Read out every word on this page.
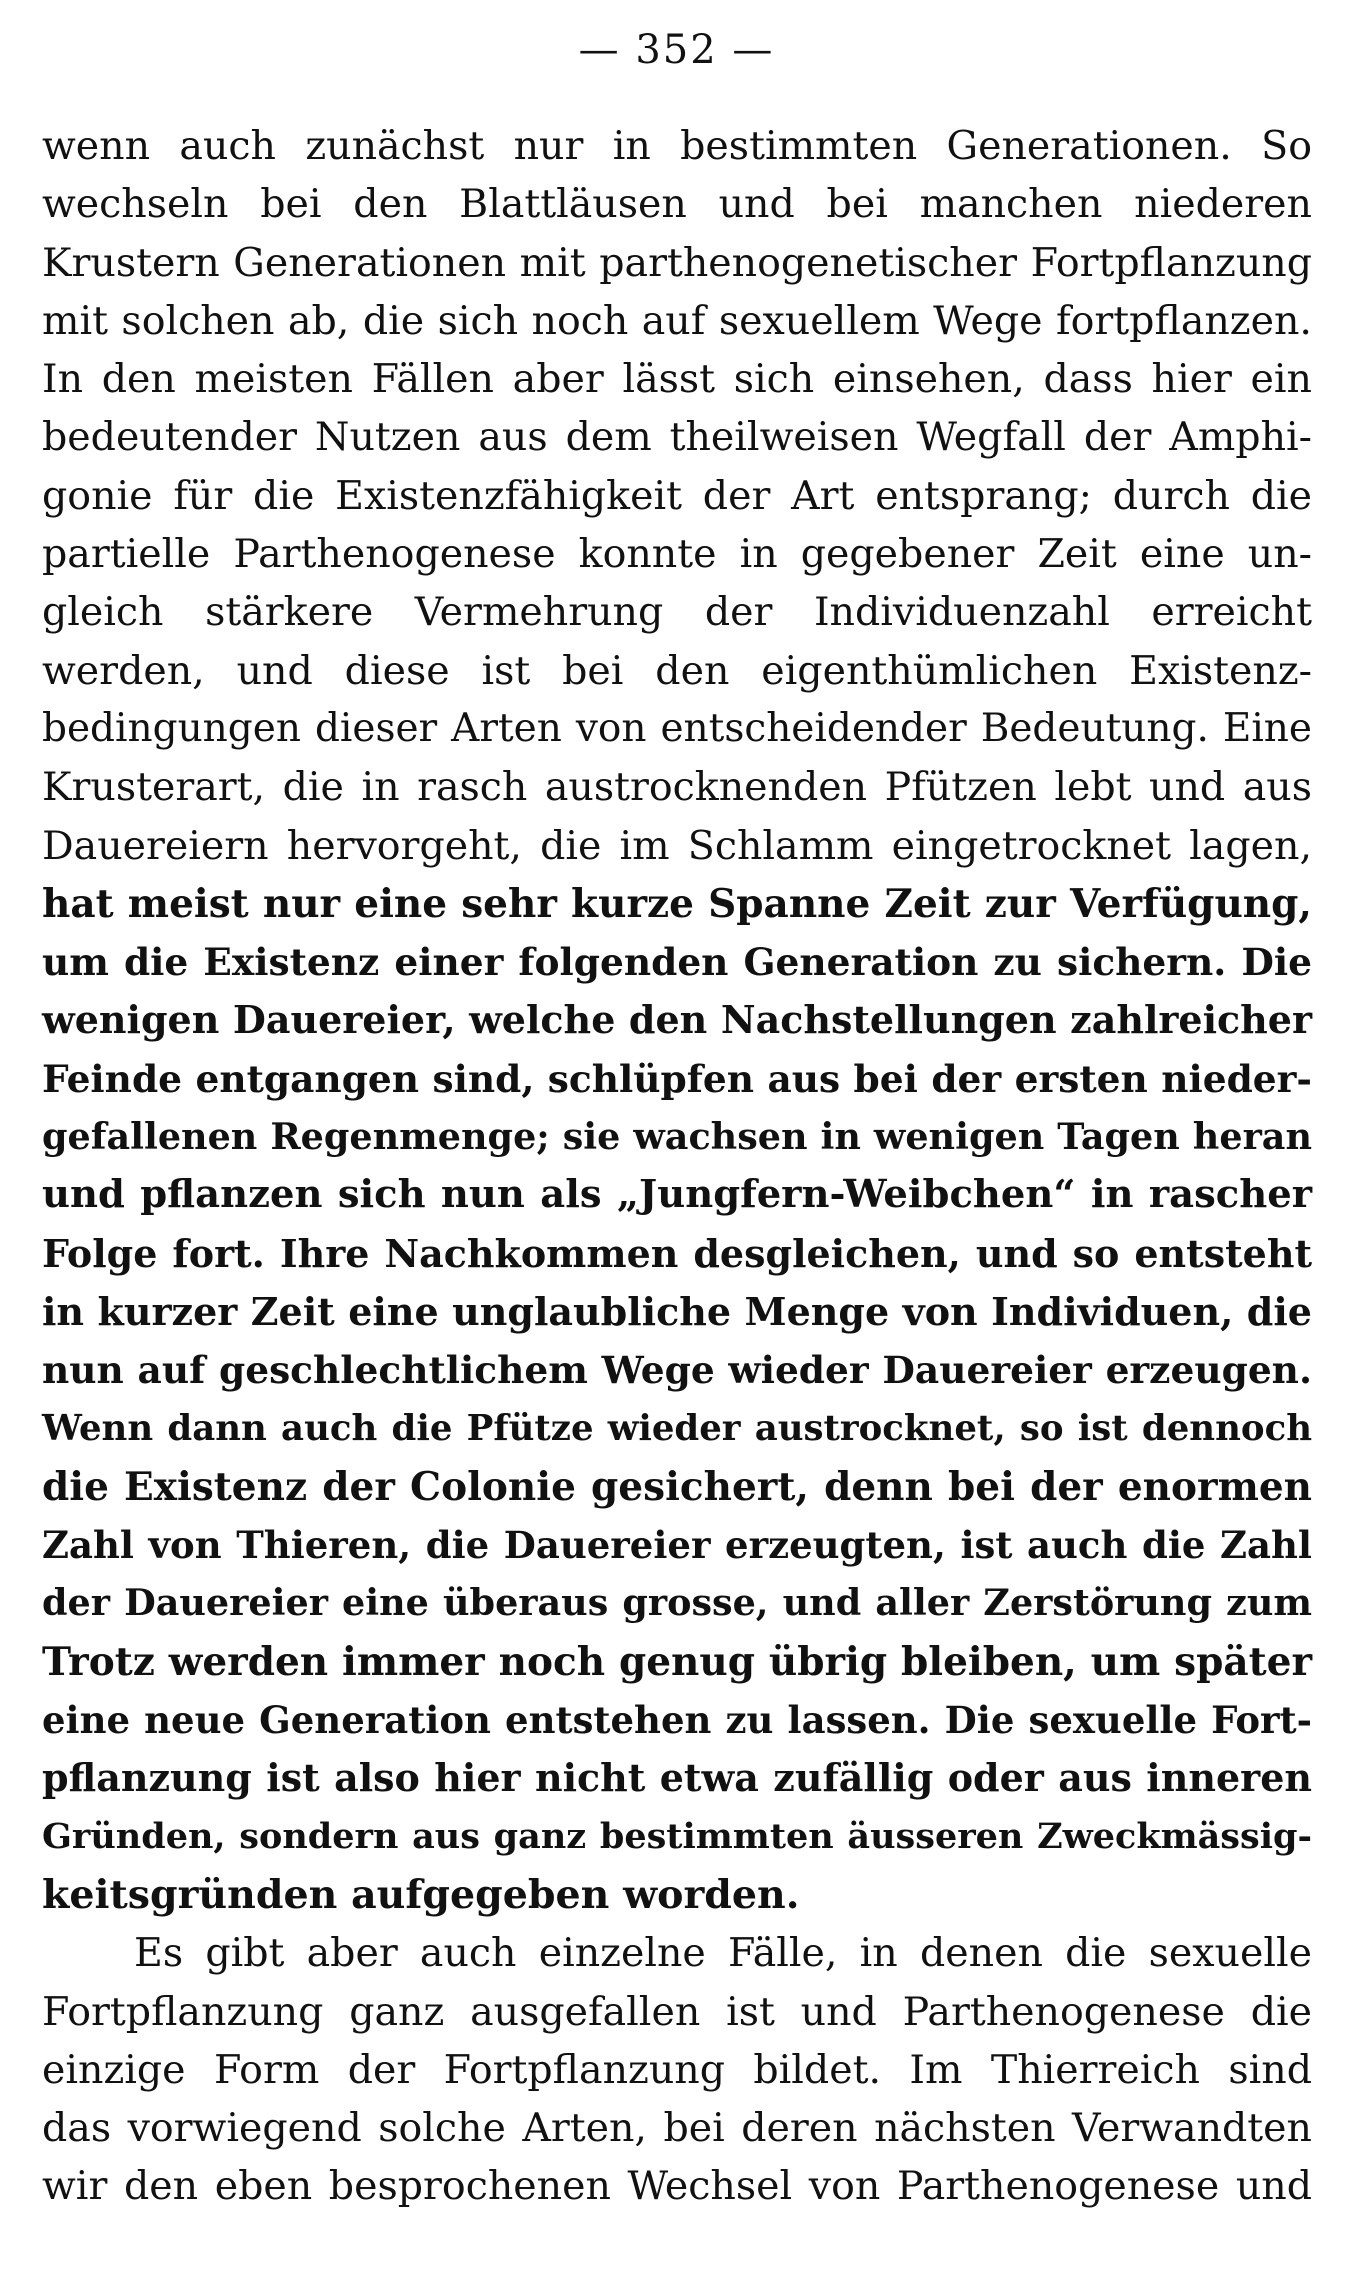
— 352 —
wenn auch zunächst nur in bestimmten Generationen. So
wechseln bei den Blattläusen und bei manchen niederen
Krustern Generationen mit parthenogenetischer Fortpflanzung
mit solchen ab, die sich noch auf sexuellem Wege fortpflanzen.
In den meisten Fällen aber lässt sich einsehen, dass hier ein
bedeutender Nutzen aus dem theilweisen Wegfall der Amphi-
gonie für die Existenzfähigkeit der Art entsprang; durch die
partielle Parthenogenese konnte in gegebener Zeit eine un-
gleich stärkere Vermehrung der Individuenzahl erreicht
werden, und diese ist bei den eigenthümlichen Existenz-
bedingungen dieser Arten von entscheidender Bedeutung. Eine
Krusterart, die in rasch austrocknenden Pfützen lebt und aus
Dauereiern hervorgeht, die im Schlamm eingetrocknet lagen,
hat meist nur eine sehr kurze Spanne Zeit zur Verfügung,
um die Existenz einer folgenden Generation zu sichern. Die
wenigen Dauereier, welche den Nachstellungen zahlreicher
Feinde entgangen sind, schlüpfen aus bei der ersten nieder-
gefallenen Regenmenge; sie wachsen in wenigen Tagen heran
und pflanzen sich nun als „Jungfern-Weibchen“ in rascher
Folge fort. Ihre Nachkommen desgleichen, und so entsteht
in kurzer Zeit eine unglaubliche Menge von Individuen, die
nun auf geschlechtlichem Wege wieder Dauereier erzeugen.
Wenn dann auch die Pfütze wieder austrocknet, so ist dennoch
die Existenz der Colonie gesichert, denn bei der enormen
Zahl von Thieren, die Dauereier erzeugten, ist auch die Zahl
der Dauereier eine überaus grosse, und aller Zerstörung zum
Trotz werden immer noch genug übrig bleiben, um später
eine neue Generation entstehen zu lassen. Die sexuelle Fort-
pflanzung ist also hier nicht etwa zufällig oder aus inneren
Gründen, sondern aus ganz bestimmten äusseren Zweckmässig-
keitsgründen aufgegeben worden.
Es gibt aber auch einzelne Fälle, in denen die sexuelle
Fortpflanzung ganz ausgefallen ist und Parthenogenese die
einzige Form der Fortpflanzung bildet. Im Thierreich sind
das vorwiegend solche Arten, bei deren nächsten Verwandten
wir den eben besprochenen Wechsel von Parthenogenese und
